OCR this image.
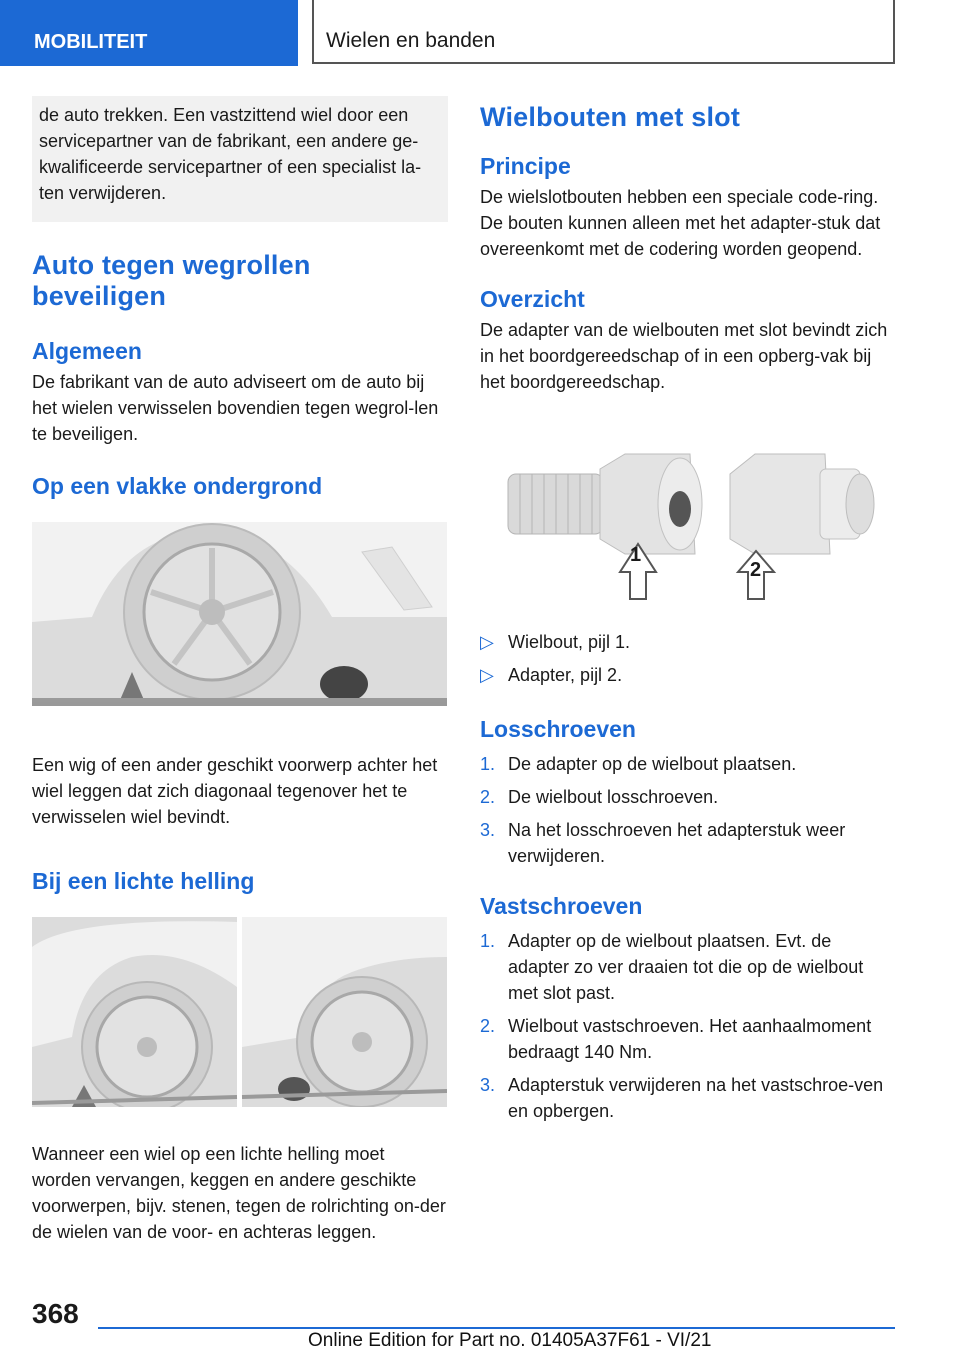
MOBILITEIT	Wielen en banden
de auto trekken. Een vastzittend wiel door een servicepartner van de fabrikant, een andere ge-kwalificeerde servicepartner of een specialist la-ten verwijderen.
Auto tegen wegrollen beveiligen
Algemeen

De fabrikant van de auto adviseert om de auto bij het wielen verwisselen bovendien tegen wegrol-len te beveiligen.

Op een vlakke ondergrond

Een wig of een ander geschikt voorwerp achter het wiel leggen dat zich diagonaal tegenover het te verwisselen wiel bevindt.

Bij een lichte helling

Wanneer een wiel op een lichte helling moet worden vervangen, keggen en andere geschikte voorwerpen, bijv. stenen, tegen de rolrichting on-der de wielen van de voor- en achteras leggen.

Wielbouten met slot
Principe

De wielslotbouten hebben een speciale code-ring. De bouten kunnen alleen met het adapter-stuk dat overeenkomt met de codering worden geopend.

Overzicht

De adapter van de wielbouten met slot bevindt zich in het boordgereedschap of in een opberg-vak bij het boordgereedschap.

1
2
▷ Wielbout, pijl 1.
▷ Adapter, pijl 2.
Losschroeven
1. De adapter op de wielbout plaatsen.
2. De wielbout losschroeven.
3. Na het losschroeven het adapterstuk weer verwijderen.
Vastschroeven
1. Adapter op de wielbout plaatsen. Evt. de adapter zo ver draaien tot die op de wielbout met slot past.
2. Wielbout vastschroeven. Het aanhaalmoment bedraagt 140 Nm.
3. Adapterstuk verwijderen na het vastschroe-ven en opbergen.
368
Online Edition for Part no. 01405A37F61 - VI/21
